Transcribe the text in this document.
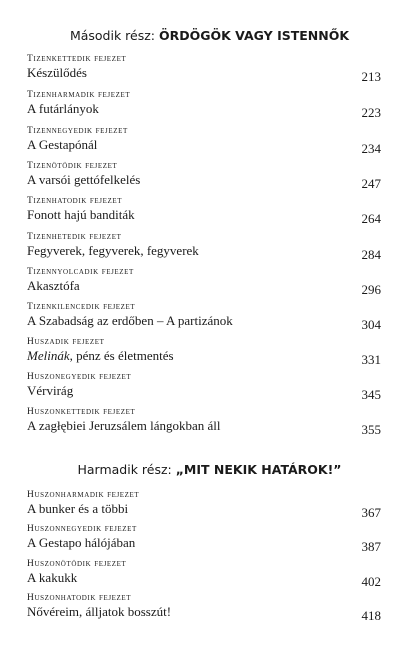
Második rész: ÖRDÖGÖK VAGY ISTENNŐK
Tizenkettedik fejezet
Készülődés	213
Tizenharmadik fejezet
A futárlányok	223
Tizennegyedik fejezet
A Gestapónál	234
Tizenötödik fejezet
A varsói gettófelkelés	247
Tizenhatodik fejezet
Fonott hajú banditák	264
Tizenhetedik fejezet
Fegyverek, fegyverek, fegyverek	284
Tizennyolcadik fejezet
Akasztófa	296
Tizenkilencedik fejezet
A Szabadság az erdőben – A partizánok	304
Huszadik fejezet
Melinák, pénz és életmentés	331
Huszonegyedik fejezet
Vérvirág	345
Huszonkettedik fejezet
A zagłębiei Jeruzsálem lángokban áll	355
Harmadik rész: „MIT NEKIK HATÁROK!”
Huszonharmadik fejezet
A bunker és a többi	367
Huszonnegyedik fejezet
A Gestapo hálójában	387
Huszonötödik fejezet
A kakukk	402
Huszonhatodik fejezet
Nővéreim, álljatok bosszút!	418
